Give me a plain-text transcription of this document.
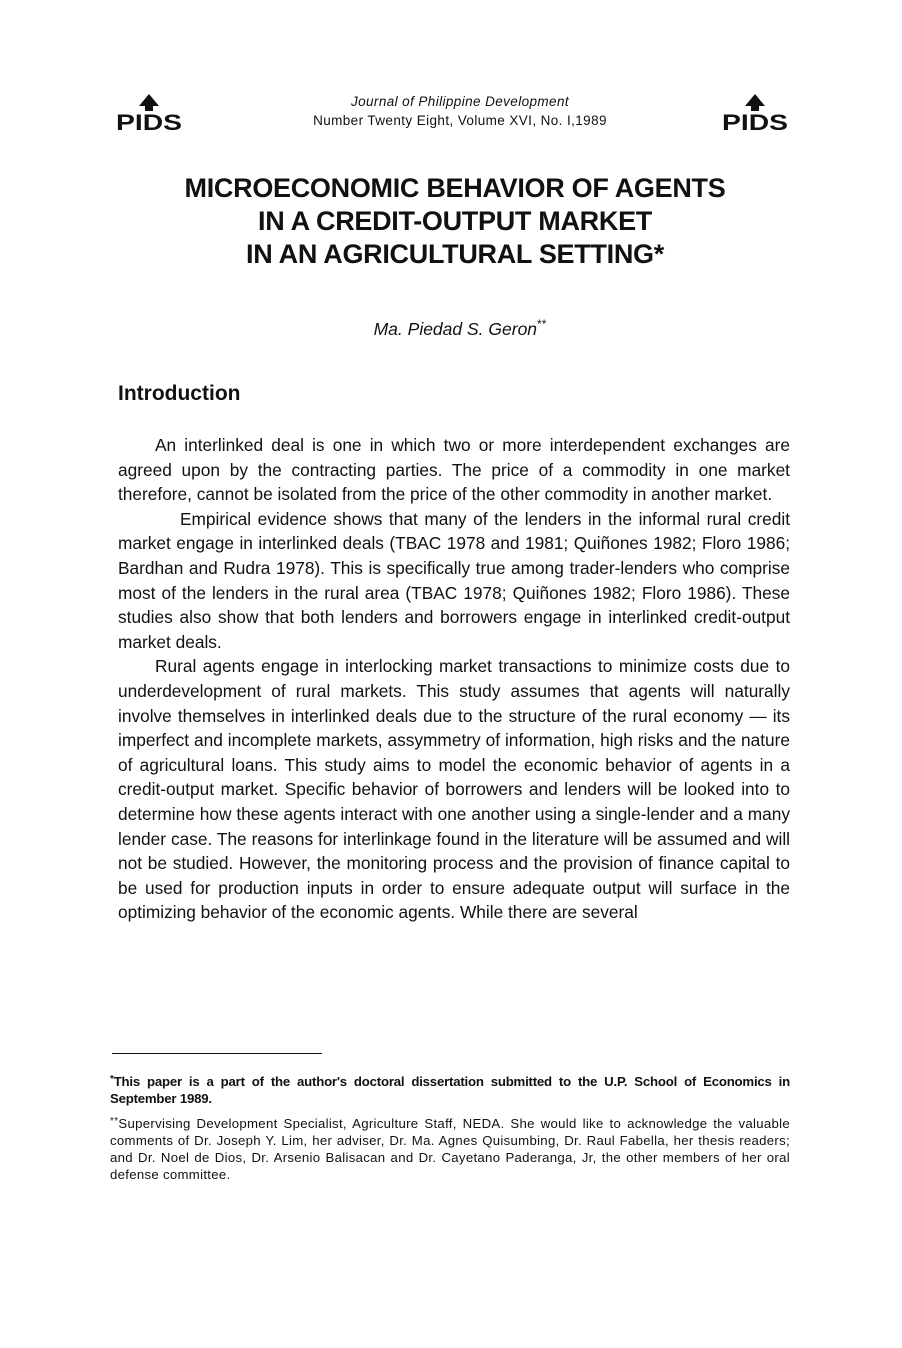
PIDS
Journal of Philippine Development
Number Twenty Eight, Volume XVI, No. I,1989	PIDS
MICROECONOMIC BEHAVIOR OF AGENTS
IN A CREDIT-OUTPUT MARKET
IN AN AGRICULTURAL SETTING*
Ma. Piedad S. Geron**
Introduction

An interlinked deal is one in which two or more interdependent exchanges are agreed upon by the contracting parties. The price of a commodity in one market therefore, cannot be isolated from the price of the other commodity in another market.

Empirical evidence shows that many of the lenders in the informal rural credit market engage in interlinked deals (TBAC 1978 and 1981; Quiñones 1982; Floro 1986; Bardhan and Rudra 1978). This is specifically true among trader-lenders who comprise most of the lenders in the rural area (TBAC 1978; Quiñones 1982; Floro 1986). These studies also show that both lenders and borrowers engage in interlinked credit-output market deals.

Rural agents engage in interlocking market transactions to minimize costs due to underdevelopment of rural markets. This study assumes that agents will naturally involve themselves in interlinked deals due to the structure of the rural economy — its imperfect and incomplete markets, assymmetry of information, high risks and the nature of agricultural loans. This study aims to model the economic behavior of agents in a credit-output market. Specific behavior of borrowers and lenders will be looked into to determine how these agents interact with one another using a single-lender and a many lender case. The reasons for interlinkage found in the literature will be assumed and will not be studied. However, the monitoring process and the provision of finance capital to be used for production inputs in order to ensure adequate output will surface in the optimizing behavior of the economic agents. While there are several

*This paper is a part of the author's doctoral dissertation submitted to the U.P. School of Economics in September 1989.

**Supervising Development Specialist, Agriculture Staff, NEDA. She would like to acknowledge the valuable comments of Dr. Joseph Y. Lim, her adviser, Dr. Ma. Agnes Quisumbing, Dr. Raul Fabella, her thesis readers; and Dr. Noel de Dios, Dr. Arsenio Balisacan and Dr. Cayetano Paderanga, Jr, the other members of her oral defense committee.
